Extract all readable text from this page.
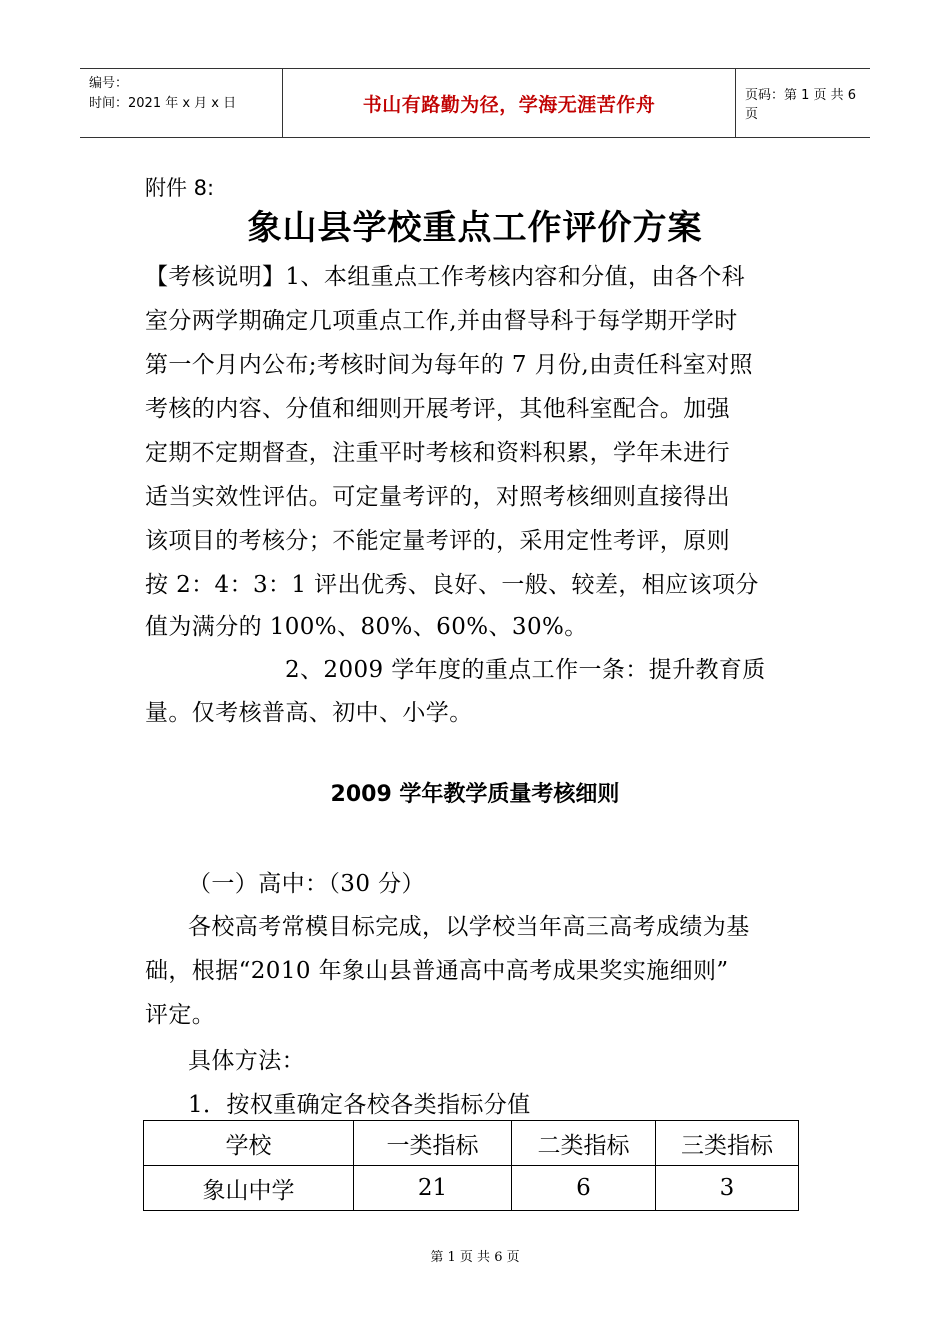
编号：
时间：2021 年 x 月 x 日	书山有路勤为径，学海无涯苦作舟	页码：第 1 页 共 6 页
附件 8:
象山县学校重点工作评价方案
【考核说明】1、本组重点工作考核内容和分值，由各个科
室分两学期确定几项重点工作,并由督导科于每学期开学时
第一个月内公布;考核时间为每年的 7 月份,由责任科室对照
考核的内容、分值和细则开展考评，其他科室配合。加强
定期不定期督查，注重平时考核和资料积累，学年未进行
适当实效性评估。可定量考评的，对照考核细则直接得出
该项目的考核分；不能定量考评的，采用定性考评，原则
按 2：4：3：1 评出优秀、良好、一般、较差，相应该项分
值为满分的 100%、80%、60%、30%。
2、2009 学年度的重点工作一条：提升教育质
量。仅考核普高、初中、小学。
2009 学年教学质量考核细则
（一）高中：（30 分）
各校高考常模目标完成，以学校当年高三高考成绩为基
础，根据“2010 年象山县普通高中高考成果奖实施细则”
评定。
具体方法：
1．按权重确定各校各类指标分值
学校	一类指标	二类指标	三类指标
象山中学	21	6	3
第 1 页 共 6 页
